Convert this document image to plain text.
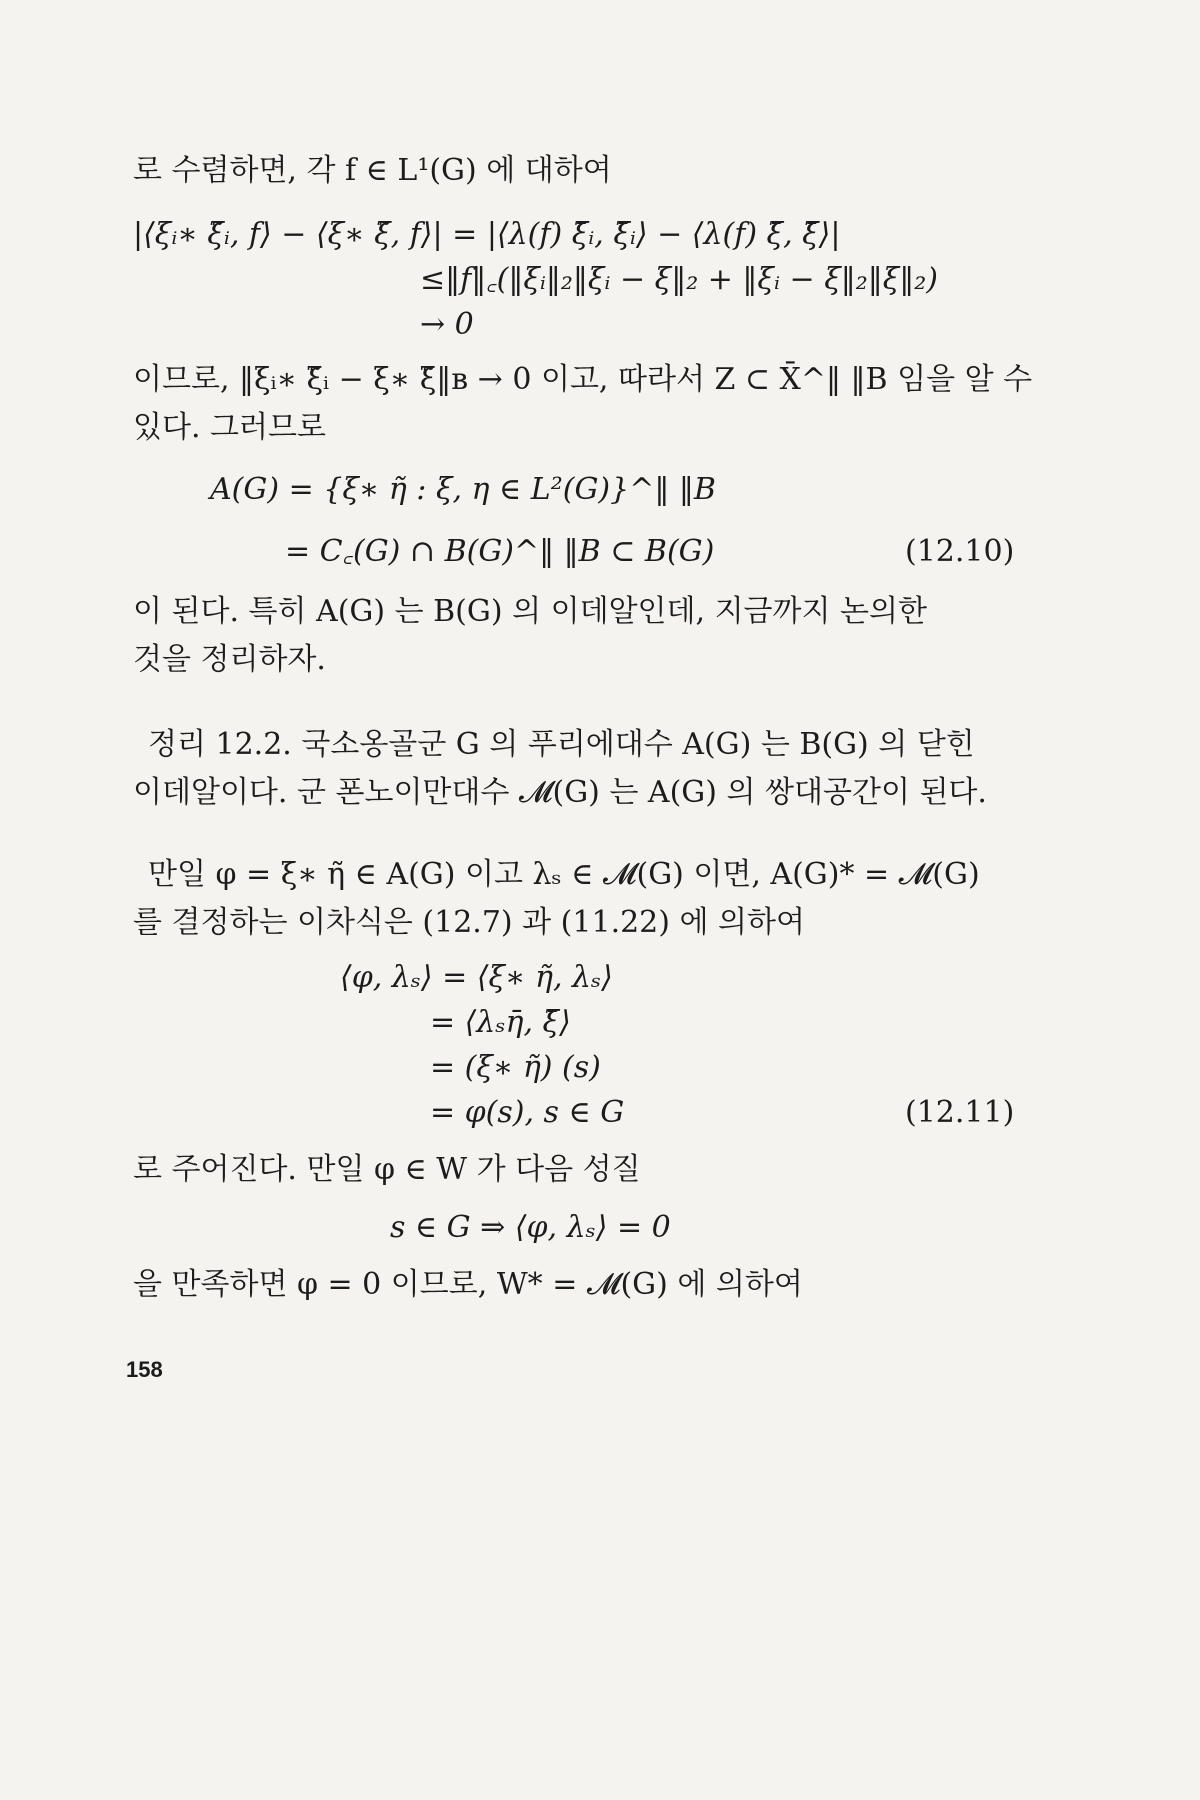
로 수렴하면, 각 f ∈ L¹(G) 에 대하여
|⟨ξᵢ∗ ξ̃ᵢ, f⟩ − ⟨ξ∗ ξ̃, f⟩| = |⟨λ(f) ξ̄ᵢ, ξ̄ᵢ⟩ − ⟨λ(f) ξ̄, ξ̄⟩|
≤‖f‖꜀(‖ξᵢ‖₂‖ξᵢ − ξ‖₂ + ‖ξᵢ − ξ‖₂‖ξ‖₂)
→ 0
이므로, ‖ξᵢ∗ ξ̃ᵢ − ξ∗ ξ̃‖ʙ → 0 이고, 따라서 Z ⊂ X̄^‖ ‖B 임을 알 수
있다. 그러므로
A(G) = {ξ∗ η̃ : ξ, η ∈ L²(G)}^‖ ‖B
= C꜀(G) ∩ B(G)^‖ ‖B ⊂ B(G)	(12.10)
이 된다. 특히 A(G) 는 B(G) 의 이데알인데, 지금까지 논의한
것을 정리하자.
정리 12.2. 국소옹골군 G 의 푸리에대수 A(G) 는 B(G) 의 닫힌
이데알이다. 군 폰노이만대수 𝓜(G) 는 A(G) 의 쌍대공간이 된다.
만일 φ = ξ∗ η̃ ∈ A(G) 이고 λₛ ∈ 𝓜(G) 이면, A(G)* = 𝓜(G)
를 결정하는 이차식은 (12.7) 과 (11.22) 에 의하여
⟨φ, λₛ⟩ = ⟨ξ∗ η̃, λₛ⟩
= ⟨λₛη̄, ξ̄⟩
= (ξ∗ η̃) (s)
= φ(s), s ∈ G	(12.11)
로 주어진다. 만일 φ ∈ W 가 다음 성질
s ∈ G ⇒ ⟨φ, λₛ⟩ = 0
을 만족하면 φ = 0 이므로, W* = 𝓜(G) 에 의하여
158
